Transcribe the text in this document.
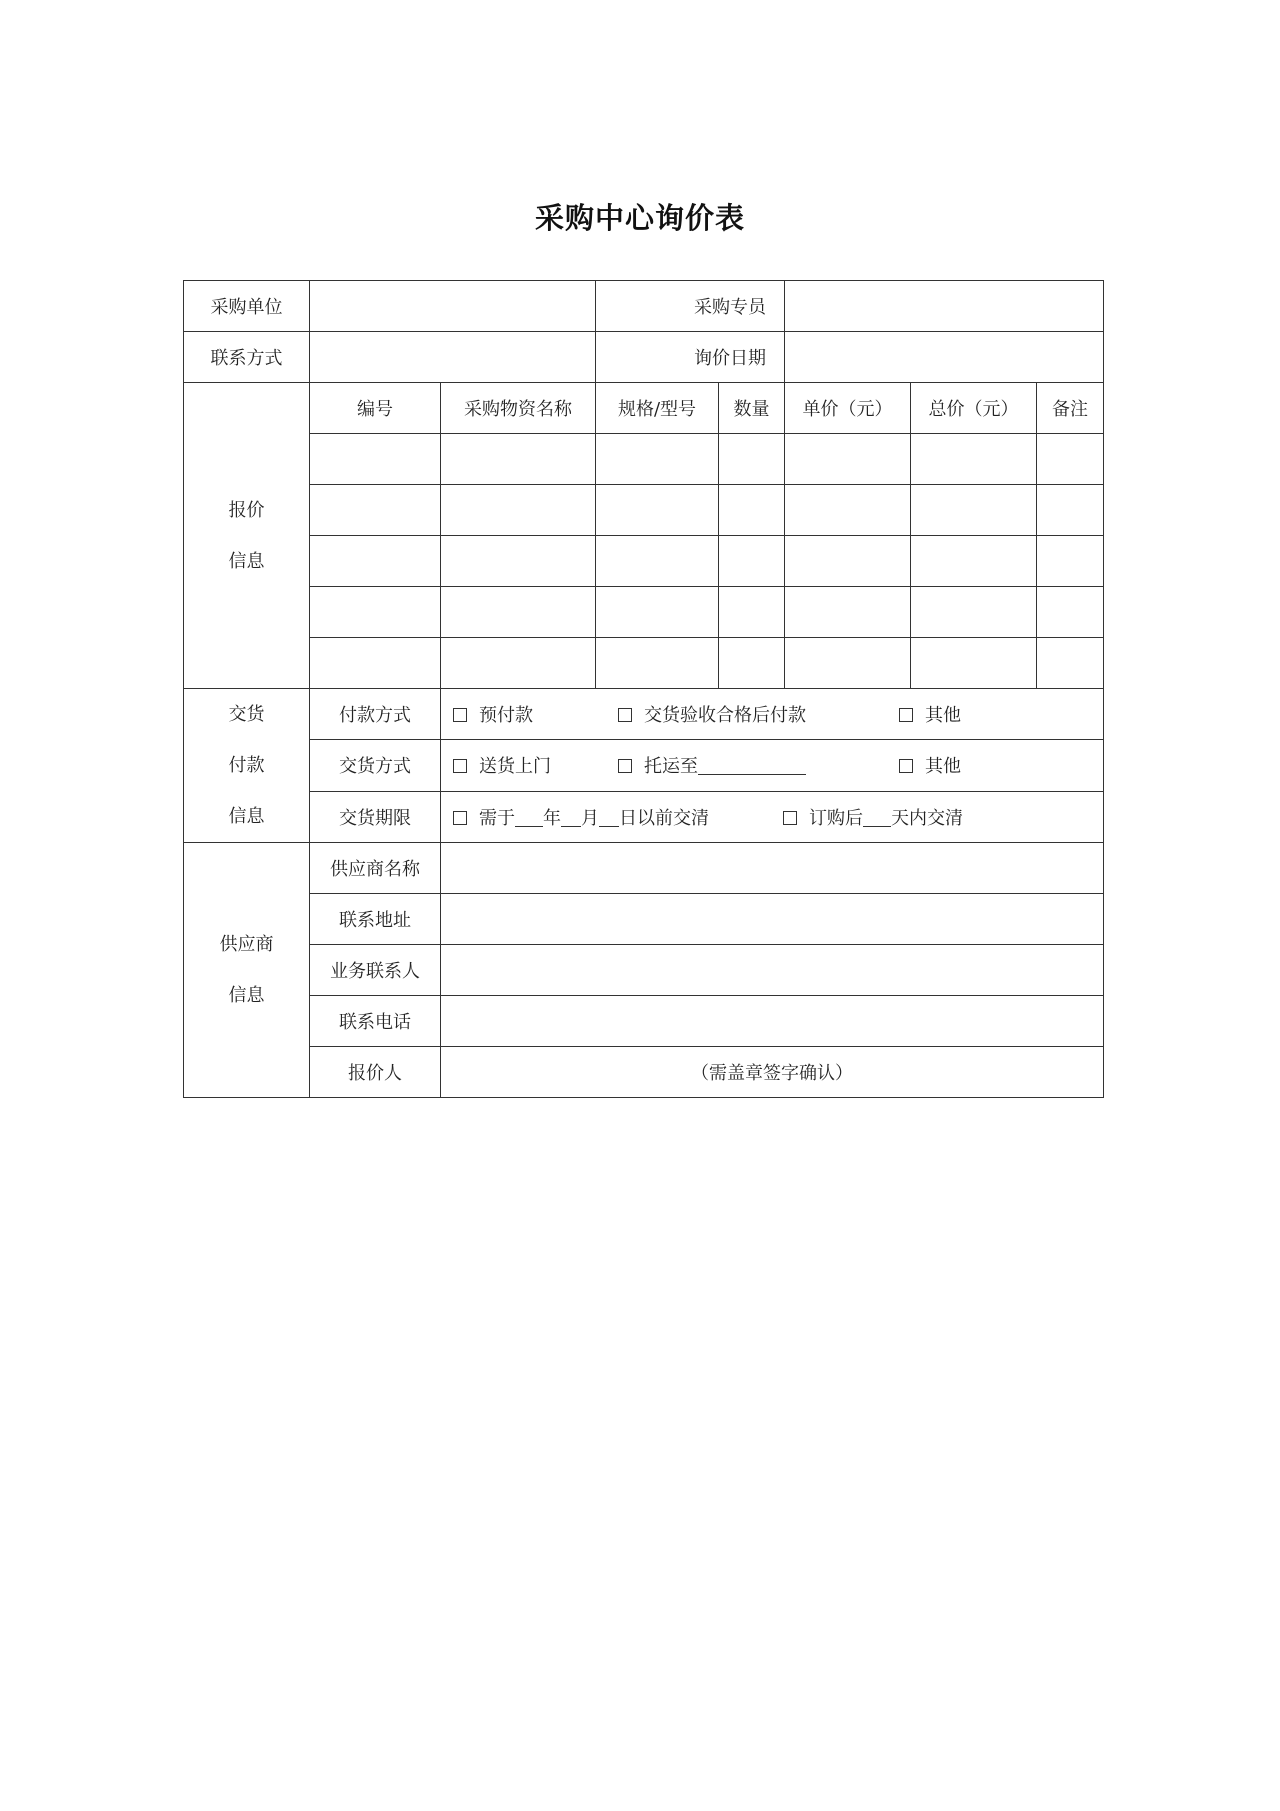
采购中心询价表
采购单位			采购专员				
联系方式			询价日期				

报价
信息	编号	采购物资名称	规格/型号	数量	单价（元）	总价（元）	备注

交货
付款
信息	付款方式	预付款 交货验收合格后付款 其他					

	交货方式	送货上门 托运至 其他					

	交货期限	需于 年 月 日以前交清 订购后 天内交清					

供应商
信息	供应商名称						
	联系地址						
	业务联系人						
	联系电话						
	报价人	（需盖章签字确认）					
